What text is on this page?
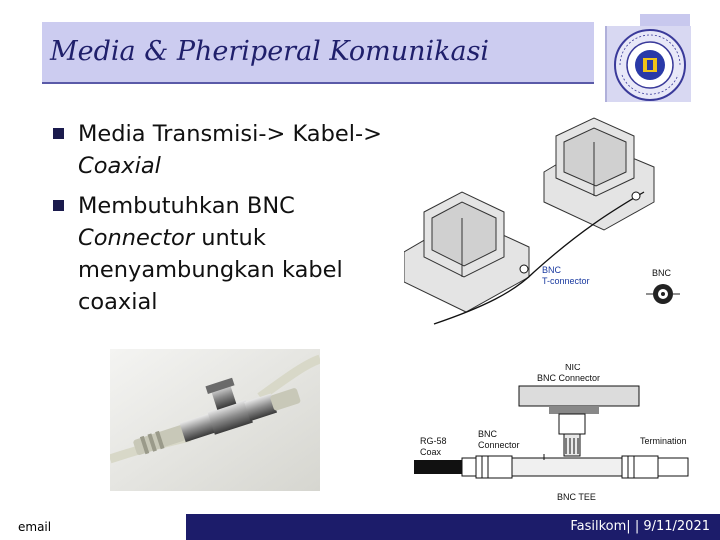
Media & Pheriperal Komunikasi
Media Transmisi-> Kabel->
Coaxial
Membutuhkan BNC
Connector untuk menyambungkan kabel coaxial
BNC
T-connector
BNC
NIC
BNC Connector
RG-58
Coax
BNC
Connector	Termination
BNC TEE
email	Fasilkom| | 9/11/2021
